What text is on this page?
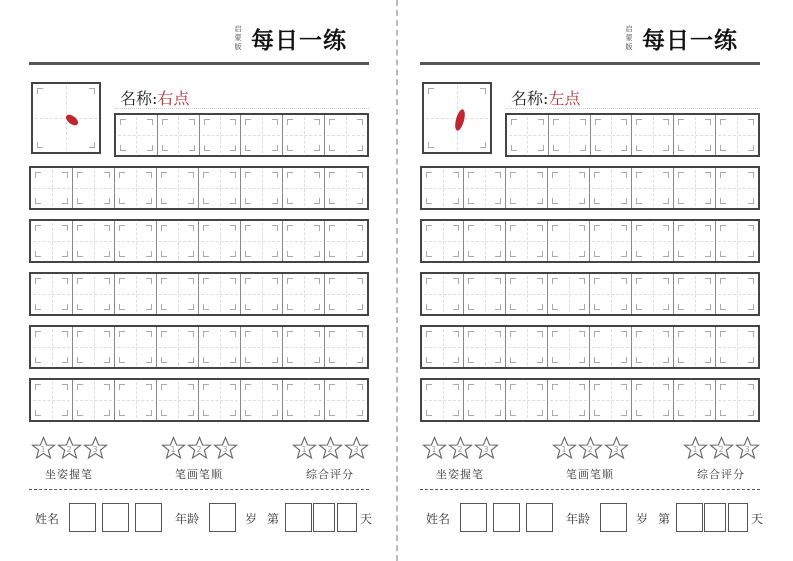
启
蒙
版 每日一练
名称:右点
1	2	3
坐姿握笔
1	2	3
笔画笔顺
1	2	3
综合评分
姓名	年龄	岁 第	天
启
蒙
版 每日一练
名称:左点
1	2	3
坐姿握笔
1	2	3
笔画笔顺
1	2	3
综合评分
姓名	年龄	岁 第	天
